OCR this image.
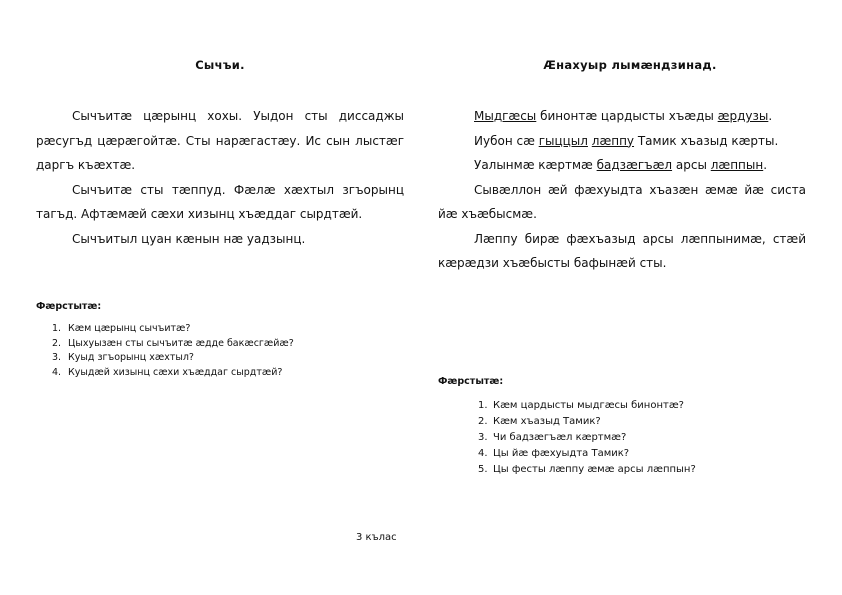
Сычъи.

Сычъитæ цæрынц хохы. Уыдон сты диссаджы рæсугъд цæрæгойтæ. Сты нарæгастæу. Ис сын лыстæг даргъ къæхтæ.

Сычъитæ сты тæппуд. Фæлæ хæхтыл згъорынц тагъд. Афтæмæй сæхи хизынц хъæддаг сырдтæй.

Сычъитыл цуан кæнын нæ уадзынц.

Фæрстытæ:
1. Кæм цæрынц сычъитæ?
2. Цыхуызæн сты сычъитæ æдде бакæсгæйæ?
3. Куыд згъорынц хæхтыл?
4. Куыдæй хизынц сæхи хъæддаг сырдтæй?
Æнахуыр лымæндзинад.

Мыдгæсы бинонтæ цардысты хъæды æрдузы.

Иубон сæ гыццыл лæппу Тамик хъазыд кæрты.

Уалынмæ кæртмæ бадзæгъæл арсы лæппын.

Сывæллон æй фæхуыдта хъазæн æмæ йæ систа йæ хъæбысмæ.

Лæппу бирæ фæхъазыд арсы лæппынимæ, стæй кæрæдзи хъæбысты бафынæй сты.

Фæрстытæ:
1. Кæм цардысты мыдгæсы бинонтæ?
2. Кæм хъазыд Тамик?
3. Чи бадзæгъæл кæртмæ?
4. Цы йæ фæхуыдта Тамик?
5. Цы фесты лæппу æмæ арсы лæппын?
3 кълас
